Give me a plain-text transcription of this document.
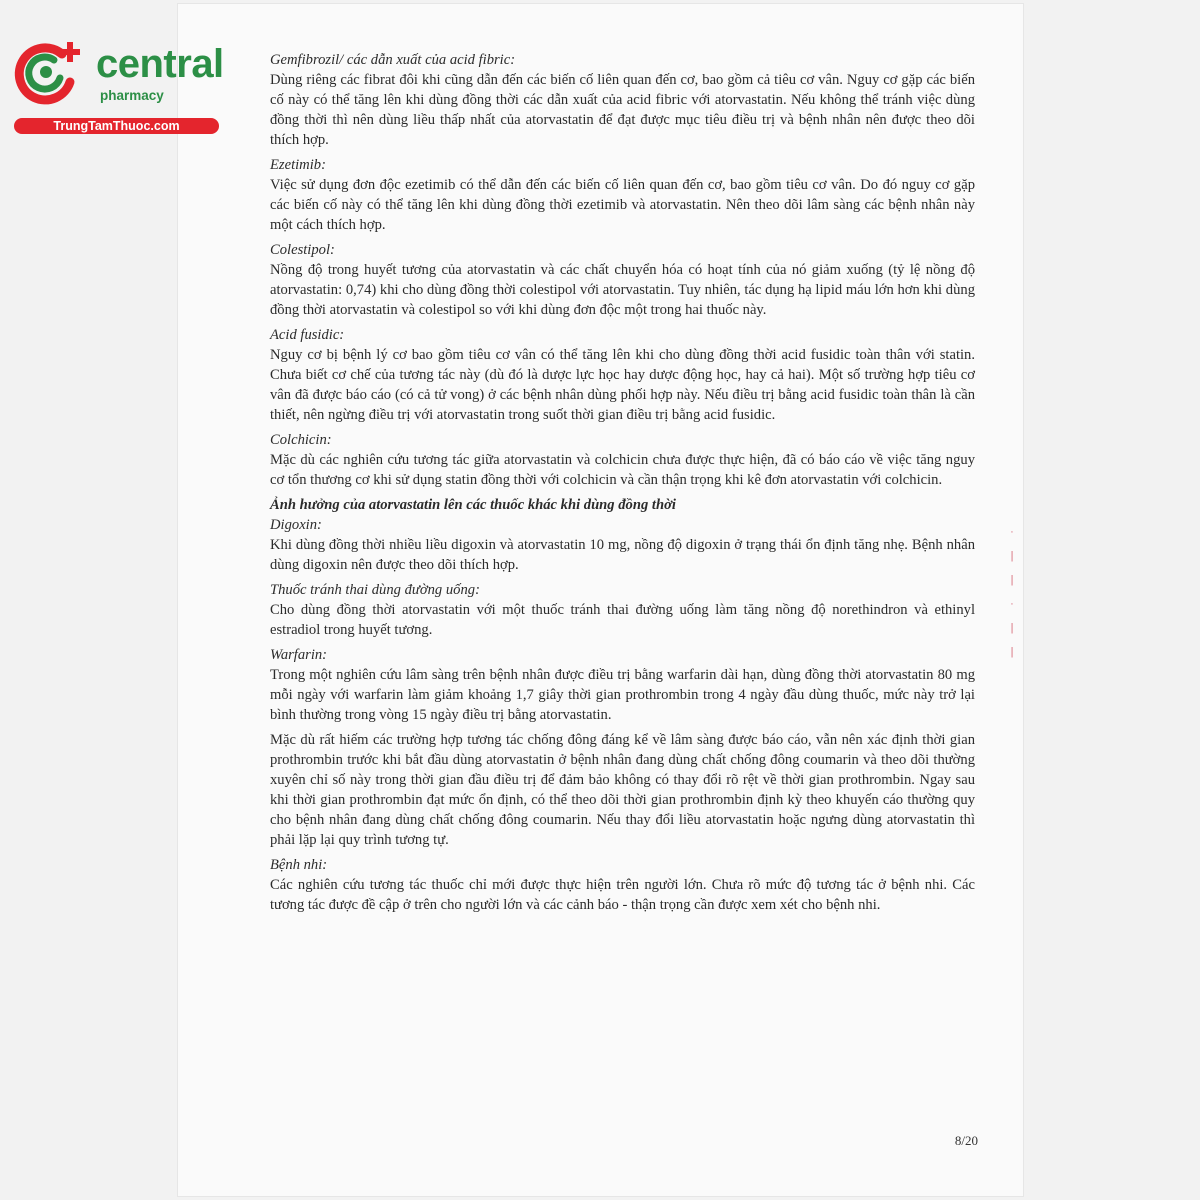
central
pharmacy
TrungTamThuoc.com
Gemfibrozil/ các dẫn xuất của acid fibric:
Dùng riêng các fibrat đôi khi cũng dẫn đến các biến cố liên quan đến cơ, bao gồm cả tiêu cơ vân. Nguy cơ gặp các biến cố này có thể tăng lên khi dùng đồng thời các dẫn xuất của acid fibric với atorvastatin. Nếu không thể tránh việc dùng đồng thời thì nên dùng liều thấp nhất của atorvastatin để đạt được mục tiêu điều trị và bệnh nhân nên được theo dõi thích hợp.
Ezetimib:
Việc sử dụng đơn độc ezetimib có thể dẫn đến các biến cố liên quan đến cơ, bao gồm tiêu cơ vân. Do đó nguy cơ gặp các biến cố này có thể tăng lên khi dùng đồng thời ezetimib và atorvastatin. Nên theo dõi lâm sàng các bệnh nhân này một cách thích hợp.
Colestipol:
Nồng độ trong huyết tương của atorvastatin và các chất chuyển hóa có hoạt tính của nó giảm xuống (tỷ lệ nồng độ atorvastatin: 0,74) khi cho dùng đồng thời colestipol với atorvastatin. Tuy nhiên, tác dụng hạ lipid máu lớn hơn khi dùng đồng thời atorvastatin và colestipol so với khi dùng đơn độc một trong hai thuốc này.
Acid fusidic:
Nguy cơ bị bệnh lý cơ bao gồm tiêu cơ vân có thể tăng lên khi cho dùng đồng thời acid fusidic toàn thân với statin. Chưa biết cơ chế của tương tác này (dù đó là dược lực học hay dược động học, hay cả hai). Một số trường hợp tiêu cơ vân đã được báo cáo (có cả tử vong) ở các bệnh nhân dùng phối hợp này. Nếu điều trị bằng acid fusidic toàn thân là cần thiết, nên ngừng điều trị với atorvastatin trong suốt thời gian điều trị bằng acid fusidic.
Colchicin:
Mặc dù các nghiên cứu tương tác giữa atorvastatin và colchicin chưa được thực hiện, đã có báo cáo về việc tăng nguy cơ tổn thương cơ khi sử dụng statin đồng thời với colchicin và cần thận trọng khi kê đơn atorvastatin với colchicin.
Ảnh hưởng của atorvastatin lên các thuốc khác khi dùng đồng thời
Digoxin:
Khi dùng đồng thời nhiều liều digoxin và atorvastatin 10 mg, nồng độ digoxin ở trạng thái ổn định tăng nhẹ. Bệnh nhân dùng digoxin nên được theo dõi thích hợp.
Thuốc tránh thai dùng đường uống:
Cho dùng đồng thời atorvastatin với một thuốc tránh thai đường uống làm tăng nồng độ norethindron và ethinyl estradiol trong huyết tương.
Warfarin:
Trong một nghiên cứu lâm sàng trên bệnh nhân được điều trị bằng warfarin dài hạn, dùng đồng thời atorvastatin 80 mg mỗi ngày với warfarin làm giảm khoảng 1,7 giây thời gian prothrombin trong 4 ngày đầu dùng thuốc, mức này trở lại bình thường trong vòng 15 ngày điều trị bằng atorvastatin.
Mặc dù rất hiếm các trường hợp tương tác chống đông đáng kể về lâm sàng được báo cáo, vẫn nên xác định thời gian prothrombin trước khi bắt đầu dùng atorvastatin ở bệnh nhân đang dùng chất chống đông coumarin và theo dõi thường xuyên chỉ số này trong thời gian đầu điều trị để đảm bảo không có thay đổi rõ rệt về thời gian prothrombin. Ngay sau khi thời gian prothrombin đạt mức ổn định, có thể theo dõi thời gian prothrombin định kỳ theo khuyến cáo thường quy cho bệnh nhân đang dùng chất chống đông coumarin. Nếu thay đổi liều atorvastatin hoặc ngưng dùng atorvastatin thì phải lặp lại quy trình tương tự.
Bệnh nhi:
Các nghiên cứu tương tác thuốc chỉ mới được thực hiện trên người lớn. Chưa rõ mức độ tương tác ở bệnh nhi. Các tương tác được đề cập ở trên cho người lớn và các cảnh báo - thận trọng cần được xem xét cho bệnh nhi.
·
|
|
·
|
|
8/20
